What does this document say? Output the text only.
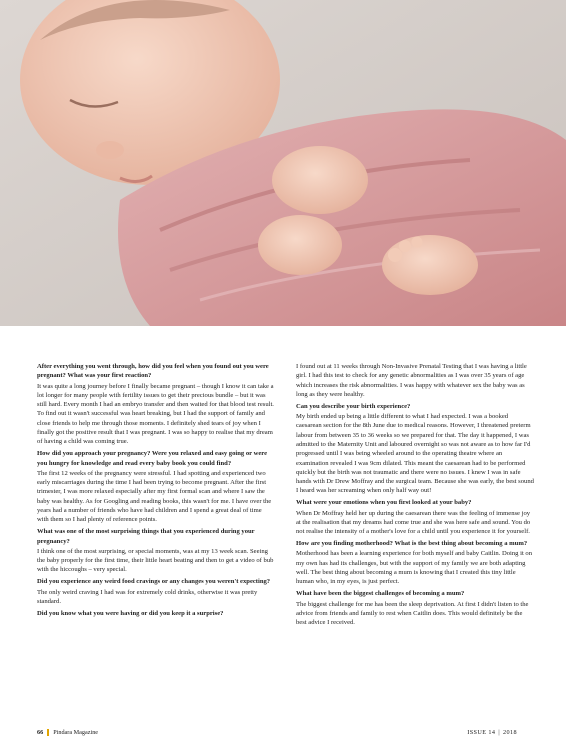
After everything you went through, how did you feel when you found out you were pregnant? What was your first reaction?

It was quite a long journey before I finally became pregnant – though I know it can take a lot longer for many people with fertility issues to get their precious bundle – but it was still hard. Every month I had an embryo transfer and then waited for that blood test result. To find out it wasn't successful was heart breaking, but I had the support of family and close friends to help me through those moments. I definitely shed tears of joy when I finally got the positive result that I was pregnant. I was so happy to realise that my dream of having a child was coming true.

How did you approach your pregnancy? Were you relaxed and easy going or were you hungry for knowledge and read every baby book you could find?

The first 12 weeks of the pregnancy were stressful. I had spotting and experienced two early miscarriages during the time I had been trying to become pregnant. After the first trimester, I was more relaxed especially after my first formal scan and where I saw the baby was healthy. As for Googling and reading books, this wasn't for me. I have over the years had a number of friends who have had children and I spend a great deal of time with them so I had plenty of reference points.

What was one of the most surprising things that you experienced during your pregnancy?

I think one of the most surprising, or special moments, was at my 13 week scan. Seeing the baby properly for the first time, their little heart beating and then to get a video of bub with the hiccoughs – very special.

Did you experience any weird food cravings or any changes you weren't expecting?

The only weird craving I had was for extremely cold drinks, otherwise it was pretty standard.

Did you know what you were having or did you keep it a surprise?

I found out at 11 weeks through Non-Invasive Prenatal Testing that I was having a little girl. I had this test to check for any genetic abnormalities as I was over 35 years of age which increases the risk abnormalities. I was happy with whatever sex the baby was as long as they were healthy.

Can you describe your birth experience?

My birth ended up being a little different to what I had expected. I was a booked caesarean section for the 8th June due to medical reasons. However, I threatened preterm labour from between 35 to 36 weeks so we prepared for that. The day it happened, I was admitted to the Maternity Unit and laboured overnight so was not aware as to how far I'd progressed until I was being wheeled around to the operating theatre where an examination revealed I was 9cm dilated. This meant the caesarean had to be performed quickly but the birth was not traumatic and there were no issues. I knew I was in safe hands with Dr Drew Moffray and the surgical team. Because she was early, the best sound I heard was her screaming when only half way out!

What were your emotions when you first looked at your baby?

When Dr Moffray held her up during the caesarean there was the feeling of immense joy at the realisation that my dreams had come true and she was here safe and sound. You do not realise the intensity of a mother's love for a child until you experience it for yourself.

How are you finding motherhood? What is the best thing about becoming a mum?

Motherhood has been a learning experience for both myself and baby Caitlin. Doing it on my own has had its challenges, but with the support of my family we are both adapting well. The best thing about becoming a mum is knowing that I created this tiny little human who, in my eyes, is just perfect.

What have been the biggest challenges of becoming a mum?

The biggest challenge for me has been the sleep deprivation. At first I didn't listen to the advice from friends and family to rest when Caitlin does. This would definitely be the best advice I received.

66 Pindara Magazine	ISSUE 14 | 2018
